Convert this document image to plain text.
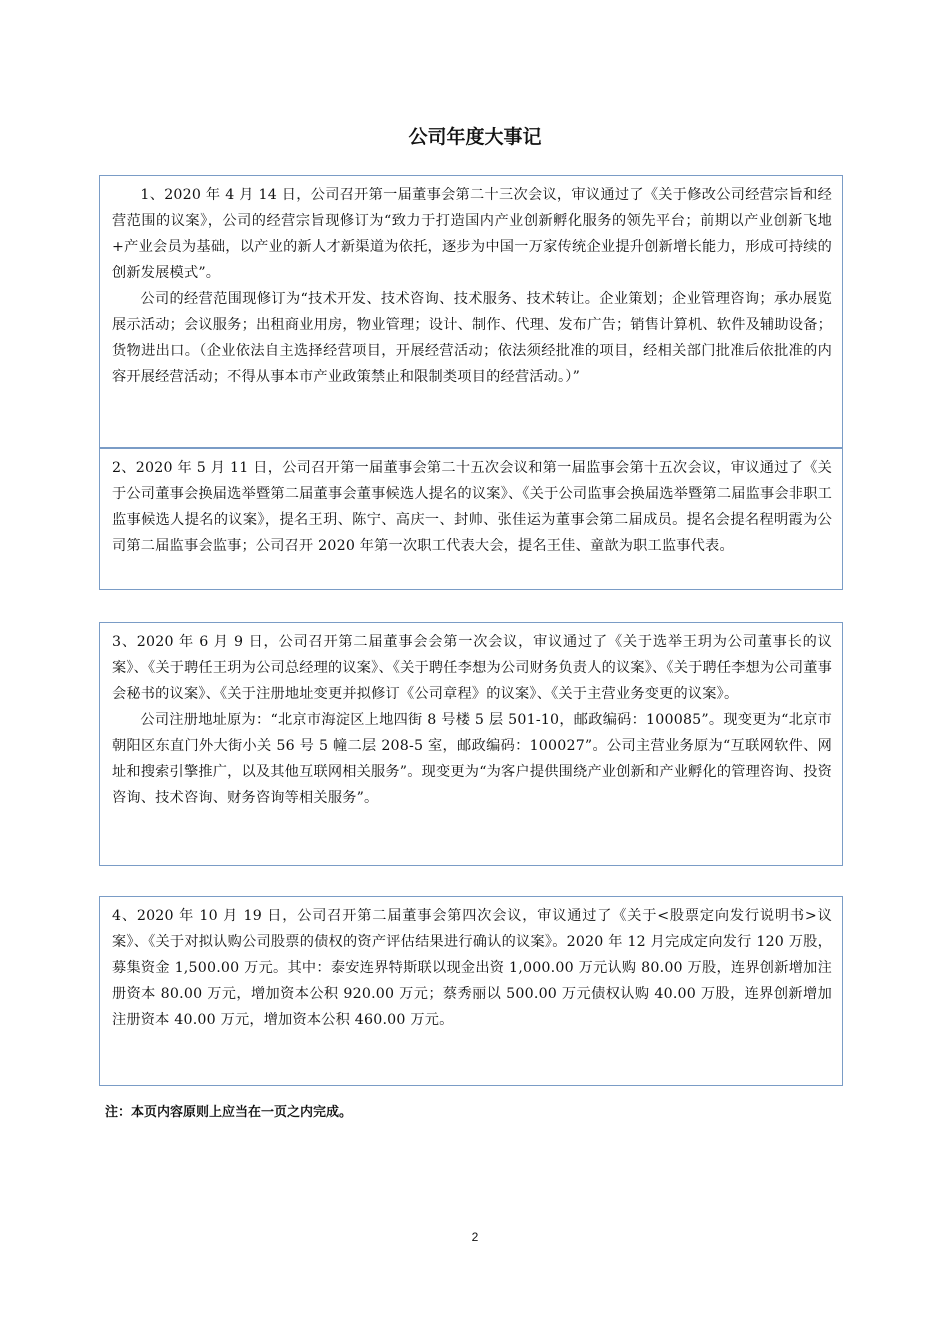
公司年度大事记

1、2020 年 4 月 14 日，公司召开第一届董事会第二十三次会议，审议通过了《关于修改公司经营宗旨和经营范围的议案》，公司的经营宗旨现修订为“致力于打造国内产业创新孵化服务的领先平台；前期以产业创新飞地+产业会员为基础，以产业的新人才新渠道为依托，逐步为中国一万家传统企业提升创新增长能力，形成可持续的创新发展模式”。

公司的经营范围现修订为“技术开发、技术咨询、技术服务、技术转让。企业策划；企业管理咨询；承办展览展示活动；会议服务；出租商业用房，物业管理；设计、制作、代理、发布广告；销售计算机、软件及辅助设备；货物进出口。（企业依法自主选择经营项目，开展经营活动；依法须经批准的项目，经相关部门批准后依批准的内容开展经营活动；不得从事本市产业政策禁止和限制类项目的经营活动。）”

2、2020 年 5 月 11 日，公司召开第一届董事会第二十五次会议和第一届监事会第十五次会议，审议通过了《关于公司董事会换届选举暨第二届董事会董事候选人提名的议案》、《关于公司监事会换届选举暨第二届监事会非职工监事候选人提名的议案》，提名王玥、陈宁、高庆一、封帅、张佳运为董事会第二届成员。提名会提名程明霞为公司第二届监事会监事；公司召开 2020 年第一次职工代表大会，提名王佳、童歆为职工监事代表。

3、2020 年 6 月 9 日，公司召开第二届董事会会第一次会议，审议通过了《关于选举王玥为公司董事长的议案》、《关于聘任王玥为公司总经理的议案》、《关于聘任李想为公司财务负责人的议案》、《关于聘任李想为公司董事会秘书的议案》、《关于注册地址变更并拟修订《公司章程》的议案》、《关于主营业务变更的议案》。

公司注册地址原为：“北京市海淀区上地四街 8 号楼 5 层 501-10，邮政编码：100085”。现变更为“北京市朝阳区东直门外大街小关 56 号 5 幢二层 208-5 室，邮政编码：100027”。公司主营业务原为“互联网软件、网址和搜索引擎推广，以及其他互联网相关服务”。现变更为“为客户提供围绕产业创新和产业孵化的管理咨询、投资咨询、技术咨询、财务咨询等相关服务”。

4、2020 年 10 月 19 日，公司召开第二届董事会第四次会议，审议通过了《关于<股票定向发行说明书>议案》、《关于对拟认购公司股票的债权的资产评估结果进行确认的议案》。2020 年 12 月完成定向发行 120 万股，募集资金 1,500.00 万元。其中：泰安连界特斯联以现金出资 1,000.00 万元认购 80.00 万股，连界创新增加注册资本 80.00 万元，增加资本公积 920.00 万元；蔡秀丽以 500.00 万元债权认购 40.00 万股，连界创新增加注册资本 40.00 万元，增加资本公积 460.00 万元。

注：本页内容原则上应当在一页之内完成。
2
